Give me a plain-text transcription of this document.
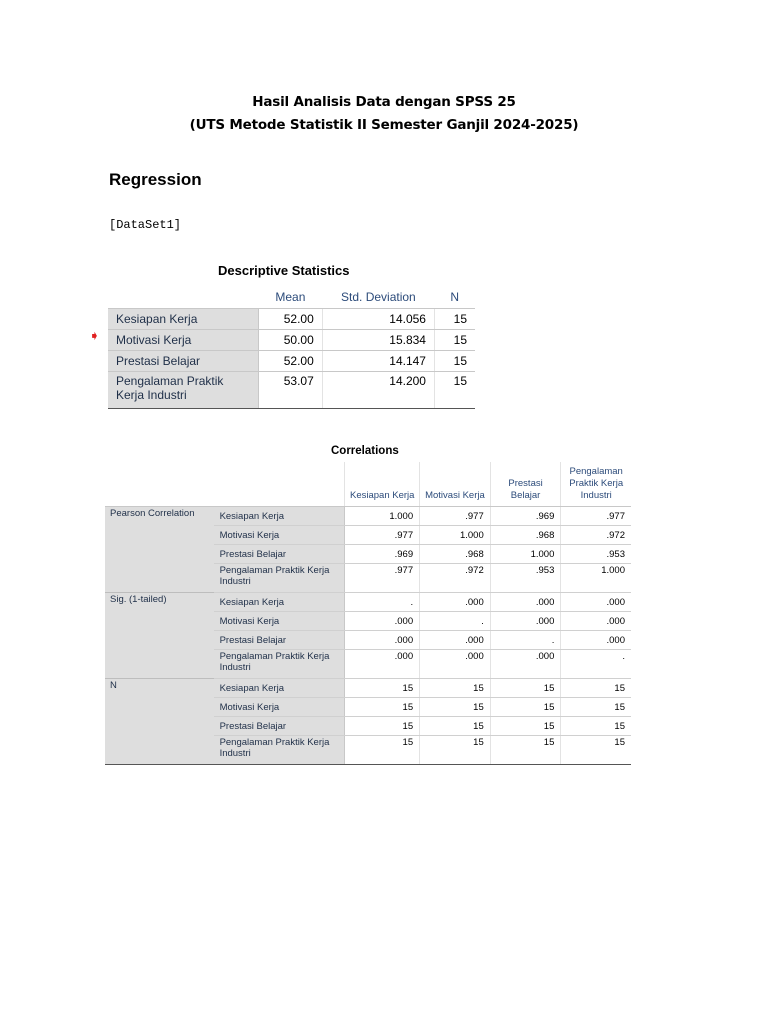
Hasil Analisis Data dengan SPSS 25
(UTS Metode Statistik II Semester Ganjil 2024-2025)
Regression
[DataSet1]
Descriptive Statistics
➧
	Mean	Std. Deviation	N
Kesiapan Kerja	52.00	14.056	15
Motivasi Kerja	50.00	15.834	15
Prestasi Belajar	52.00	14.147	15
Pengalaman Praktik Kerja Industri	53.07	14.200	15
Correlations
		Kesiapan Kerja	Motivasi Kerja	Prestasi Belajar	Pengalaman Praktik Kerja Industri
Pearson Correlation	Kesiapan Kerja	1.000	.977	.969	.977
	Motivasi Kerja	.977	1.000	.968	.972
	Prestasi Belajar	.969	.968	1.000	.953
	Pengalaman Praktik Kerja Industri	.977	.972	.953	1.000
Sig. (1-tailed)	Kesiapan Kerja	.	.000	.000	.000
	Motivasi Kerja	.000	.	.000	.000
	Prestasi Belajar	.000	.000	.	.000
	Pengalaman Praktik Kerja Industri	.000	.000	.000	.
N	Kesiapan Kerja	15	15	15	15
	Motivasi Kerja	15	15	15	15
	Prestasi Belajar	15	15	15	15
	Pengalaman Praktik Kerja Industri	15	15	15	15
